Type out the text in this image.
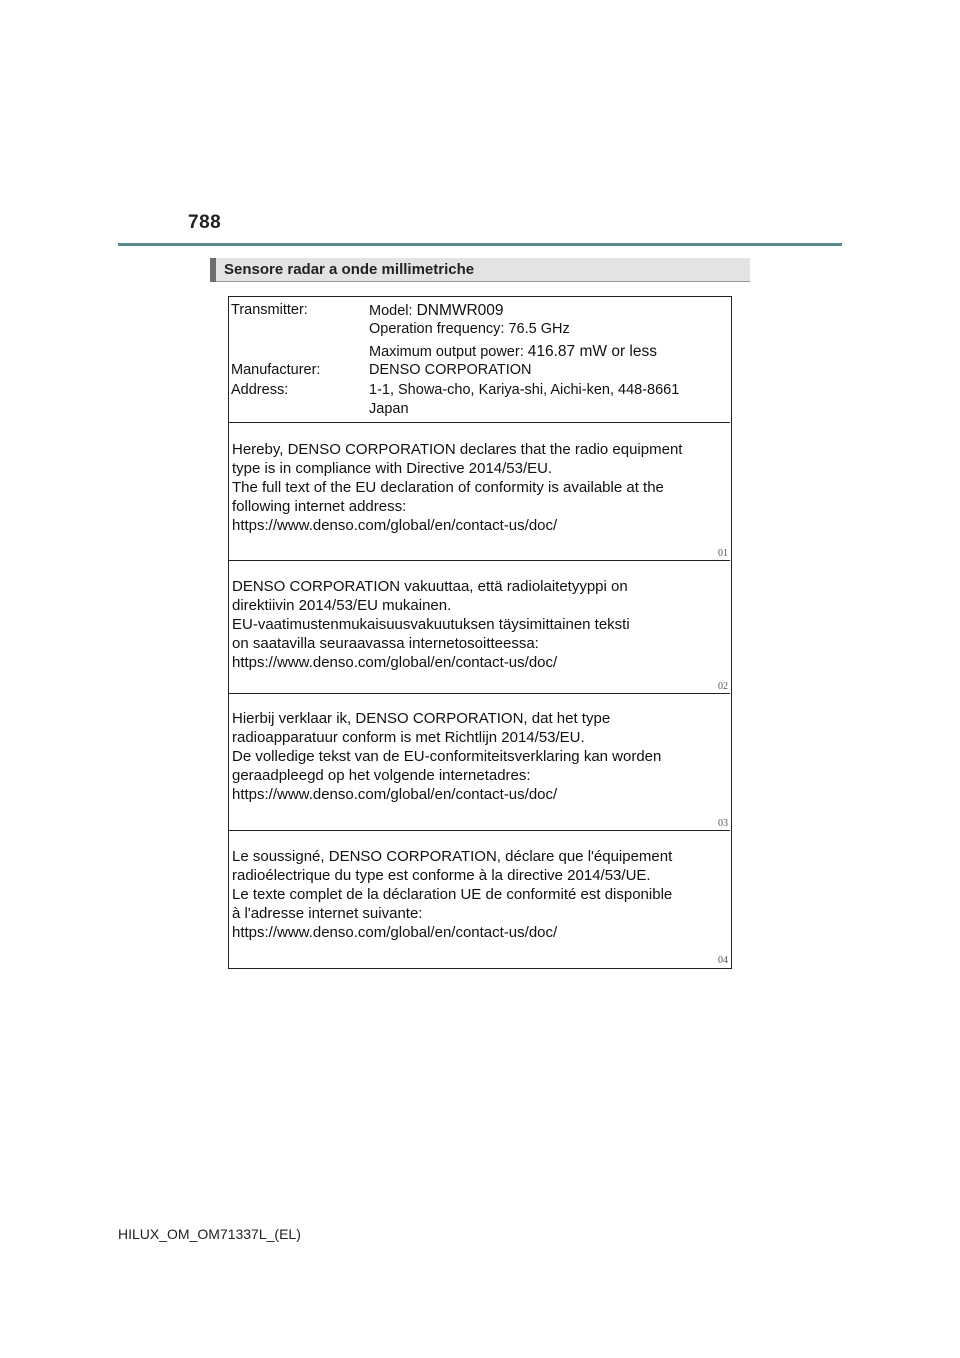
788
Sensore radar a onde millimetriche
Transmitter:	Model: DNMWR009
Operation frequency: 76.5 GHz
Maximum output power: 416.87 mW or less
Manufacturer:	DENSO CORPORATION
Address:	1-1, Showa-cho, Kariya-shi, Aichi-ken, 448-8661
Japan
Hereby, DENSO CORPORATION declares that the radio equipment
type is in compliance with Directive 2014/53/EU.
The full text of the EU declaration of conformity is available at the
following internet address:
https://www.denso.com/global/en/contact-us/doc/
01
DENSO CORPORATION vakuuttaa, että radiolaitetyyppi on
direktiivin 2014/53/EU mukainen.
EU-vaatimustenmukaisuusvakuutuksen täysimittainen teksti
on saatavilla seuraavassa internetosoitteessa:
https://www.denso.com/global/en/contact-us/doc/
02
Hierbij verklaar ik, DENSO CORPORATION, dat het type
radioapparatuur conform is met Richtlijn 2014/53/EU.
De volledige tekst van de EU-conformiteitsverklaring kan worden
geraadpleegd op het volgende internetadres:
https://www.denso.com/global/en/contact-us/doc/
03
Le soussigné, DENSO CORPORATION, déclare que l'équipement
radioélectrique du type est conforme à la directive 2014/53/UE.
Le texte complet de la déclaration UE de conformité est disponible
à l'adresse internet suivante:
https://www.denso.com/global/en/contact-us/doc/
04
HILUX_OM_OM71337L_(EL)
